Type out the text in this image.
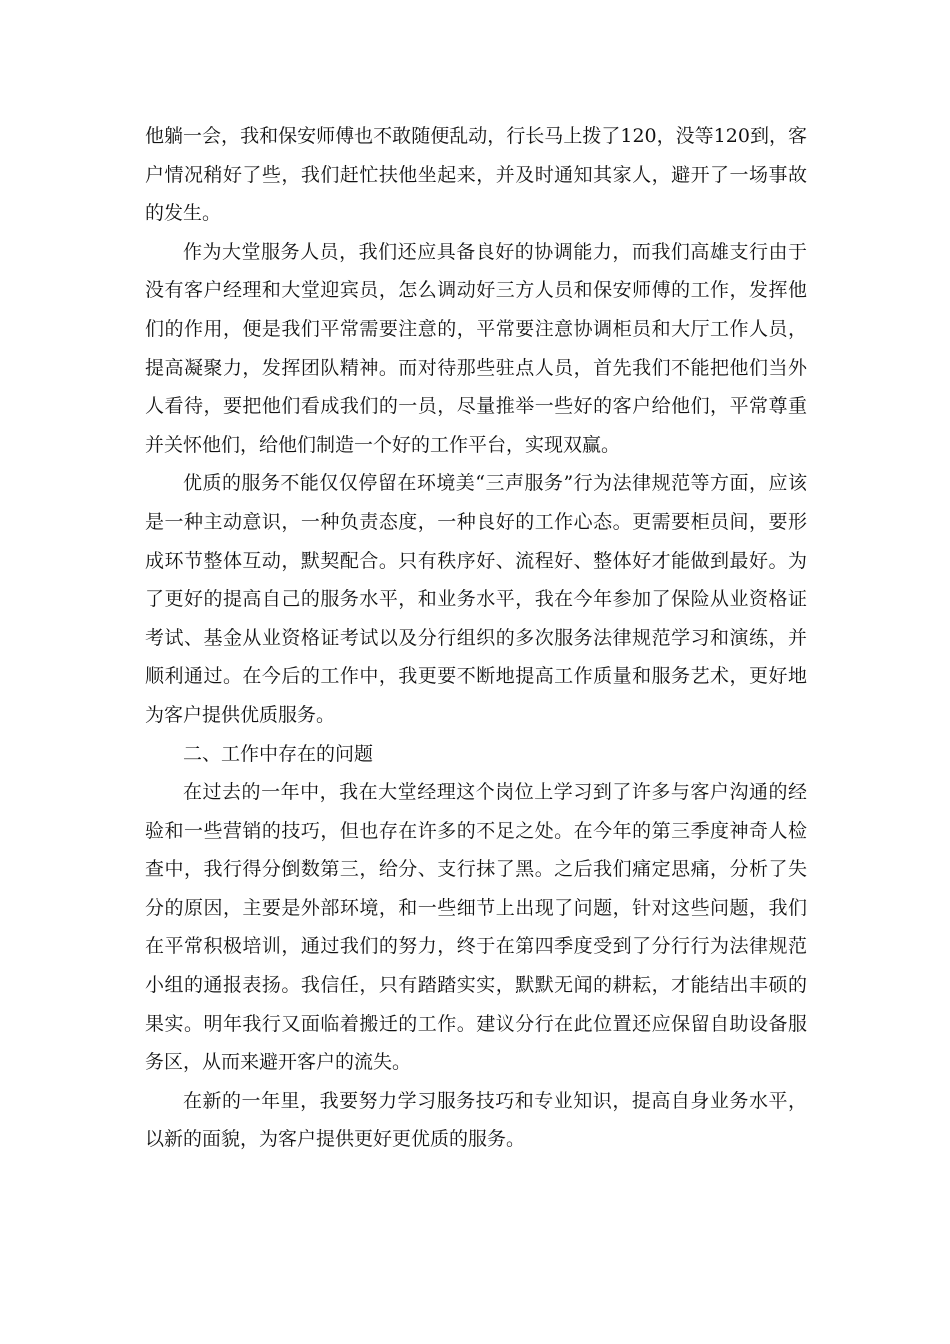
他躺一会，我和保安师傅也不敢随便乱动，行长马上拨了120，没等120到，客户情况稍好了些，我们赶忙扶他坐起来，并及时通知其家人，避开了一场事故的发生。

作为大堂服务人员，我们还应具备良好的协调能力，而我们高雄支行由于没有客户经理和大堂迎宾员，怎么调动好三方人员和保安师傅的工作，发挥他们的作用，便是我们平常需要注意的，平常要注意协调柜员和大厅工作人员，提高凝聚力，发挥团队精神。而对待那些驻点人员，首先我们不能把他们当外人看待，要把他们看成我们的一员，尽量推举一些好的客户给他们，平常尊重并关怀他们，给他们制造一个好的工作平台，实现双赢。

优质的服务不能仅仅停留在环境美“三声服务”行为法律规范等方面，应该是一种主动意识，一种负责态度，一种良好的工作心态。更需要柜员间，要形成环节整体互动，默契配合。只有秩序好、流程好、整体好才能做到最好。为了更好的提高自己的服务水平，和业务水平，我在今年参加了保险从业资格证考试、基金从业资格证考试以及分行组织的多次服务法律规范学习和演练，并顺利通过。在今后的工作中，我更要不断地提高工作质量和服务艺术，更好地为客户提供优质服务。

二、工作中存在的问题

在过去的一年中，我在大堂经理这个岗位上学习到了许多与客户沟通的经验和一些营销的技巧，但也存在许多的不足之处。在今年的第三季度神奇人检查中，我行得分倒数第三，给分、支行抹了黑。之后我们痛定思痛，分析了失分的原因，主要是外部环境，和一些细节上出现了问题，针对这些问题，我们在平常积极培训，通过我们的努力，终于在第四季度受到了分行行为法律规范小组的通报表扬。我信任，只有踏踏实实，默默无闻的耕耘，才能结出丰硕的果实。明年我行又面临着搬迁的工作。建议分行在此位置还应保留自助设备服务区，从而来避开客户的流失。

在新的一年里，我要努力学习服务技巧和专业知识，提高自身业务水平，以新的面貌，为客户提供更好更优质的服务。
